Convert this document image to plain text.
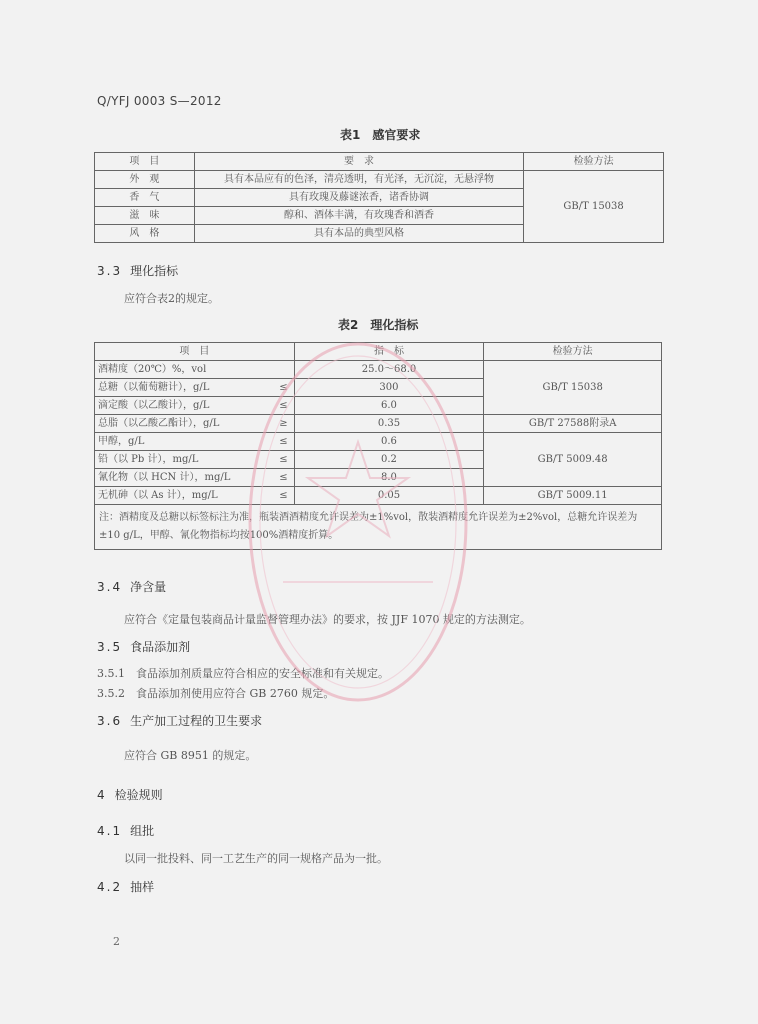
Q/YFJ 0003 S—2012
表1　感官要求
项　目	要　求	检验方法
外　观	具有本品应有的色泽，清亮透明，有光泽，无沉淀，无悬浮物	GB/T 15038
香　气	具有玫瑰及藤谜浓香，诸香协调	
滋　味	醇和、酒体丰满，有玫瑰香和酒香	
风　格	具有本品的典型风格	
3.3 理化指标
应符合表2的规定。
表2　理化指标
项　目	指　标	检验方法
酒精度（20℃）%，vol	25.0～68.0	GB/T 15038
总糖（以葡萄糖计），g/L ≤	300	
滴定酸（以乙酸计），g/L ≤	6.0	
总脂（以乙酸乙酯计），g/L ≥	0.35	GB/T 27588附录A
甲醇，g/L ≤	0.6	GB/T 5009.48
铅（以 Pb 计），mg/L ≤	0.2	
氰化物（以 HCN 计），mg/L ≤	8.0	
无机砷（以 As 计），mg/L ≤	0.05	GB/T 5009.11
注：酒精度及总糖以标签标注为准，瓶装酒酒精度允许误差为±1%vol，散装酒精度允许误差为±2%vol，总糖允许误差为±10 g/L，甲醇、氰化物指标均按100%酒精度折算。		
3.4 净含量
应符合《定量包装商品计量监督管理办法》的要求，按 JJF 1070 规定的方法测定。
3.5 食品添加剂
3.5.1　食品添加剂质量应符合相应的安全标准和有关规定。
3.5.2　食品添加剂使用应符合 GB 2760 规定。
3.6 生产加工过程的卫生要求
应符合 GB 8951 的规定。
4 检验规则
4.1 组批
以同一批投料、同一工艺生产的同一规格产品为一批。
4.2 抽样
2
